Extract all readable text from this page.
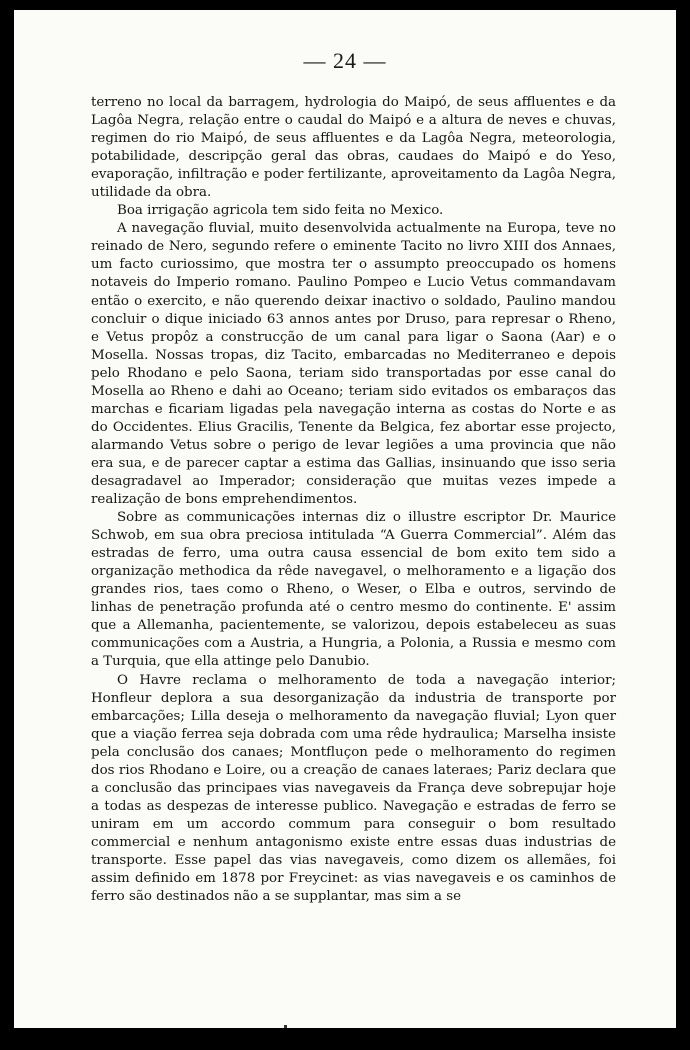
— 24 —

terreno no local da barragem, hydrologia do Maipó, de seus affluentes e da Lagôa Negra, relação entre o caudal do Maipó e a altura de neves e chuvas, regimen do rio Maipó, de seus affluentes e da Lagôa Negra, meteorologia, potabilidade, descripção geral das obras, caudaes do Maipó e do Yeso, evaporação, infiltração e poder fertilizante, aproveitamento da Lagôa Negra, utilidade da obra.

Boa irrigação agricola tem sido feita no Mexico.

A navegação fluvial, muito desenvolvida actualmente na Europa, teve no reinado de Nero, segundo refere o eminente Tacito no livro XIII dos Annaes, um facto curiossimo, que mostra ter o assumpto preoccupado os homens notaveis do Imperio romano. Paulino Pompeo e Lucio Vetus commandavam então o exercito, e não querendo deixar inactivo o soldado, Paulino mandou concluir o dique iniciado 63 annos antes por Druso, para represar o Rheno, e Vetus propôz a construcção de um canal para ligar o Saona (Aar) e o Mosella. Nossas tropas, diz Tacito, embarcadas no Mediterraneo e depois pelo Rhodano e pelo Saona, teriam sido transportadas por esse canal do Mosella ao Rheno e dahi ao Oceano; teriam sido evitados os embaraços das marchas e ficariam ligadas pela navegação interna as costas do Norte e as do Occidentes. Elius Gracilis, Tenente da Belgica, fez abortar esse projecto, alarmando Vetus sobre o perigo de levar legiões a uma provincia que não era sua, e de parecer captar a estima das Gallias, insinuando que isso seria desagradavel ao Imperador; consideração que muitas vezes impede a realização de bons emprehendimentos.

Sobre as communicações internas diz o illustre escriptor Dr. Maurice Schwob, em sua obra preciosa intitulada “A Guerra Commercial”. Além das estradas de ferro, uma outra causa essencial de bom exito tem sido a organização methodica da rêde navegavel, o melhoramento e a ligação dos grandes rios, taes como o Rheno, o Weser, o Elba e outros, servindo de linhas de penetração profunda até o centro mesmo do continente. E' assim que a Allemanha, pacientemente, se valorizou, depois estabeleceu as suas communicações com a Austria, a Hungria, a Polonia, a Russia e mesmo com a Turquia, que ella attinge pelo Danubio.

O Havre reclama o melhoramento de toda a navegação interior; Honfleur deplora a sua desorganização da industria de transporte por embarcações; Lilla deseja o melhoramento da navegação fluvial; Lyon quer que a viação ferrea seja dobrada com uma rêde hydraulica; Marselha insiste pela conclusão dos canaes; Montfluçon pede o melhoramento do regimen dos rios Rhodano e Loire, ou a creação de canaes lateraes; Pariz declara que a conclusão das principaes vias navegaveis da França deve sobrepujar hoje a todas as despezas de interesse publico. Navegação e estradas de ferro se uniram em um accordo commum para conseguir o bom resultado commercial e nenhum antagonismo existe entre essas duas industrias de transporte. Esse papel das vias navegaveis, como dizem os allemães, foi assim definido em 1878 por Freycinet: as vias navegaveis e os caminhos de ferro são destinados não a se supplantar, mas sim a se
